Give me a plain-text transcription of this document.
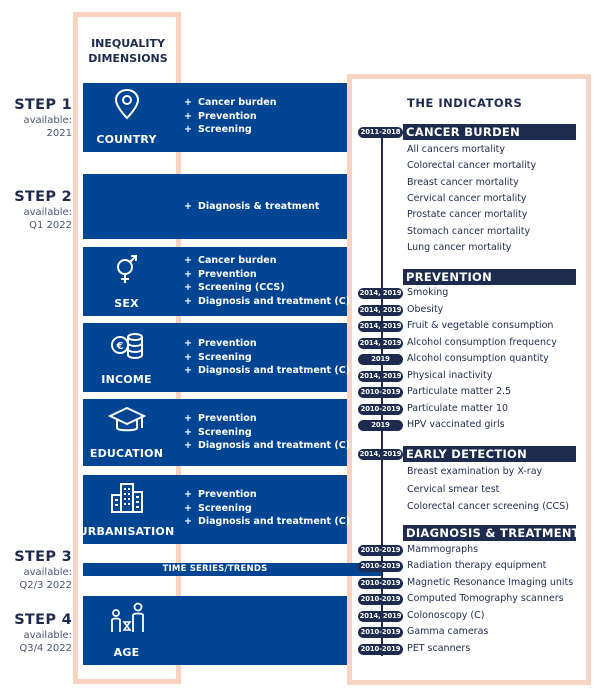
INEQUALITY
DIMENSIONS
STEP 1
available:
2021
STEP 2
available:
Q1 2022
STEP 3
available:
Q2/3 2022
STEP 4
available:
Q3/4 2022
COUNTRY
+ Cancer burden
+ Prevention
+ Screening
+ Diagnosis & treatment
SEX
+ Cancer burden
+ Prevention
+ Screening (CCS)
+ Diagnosis and treatment (C)
€
INCOME
+ Prevention
+ Screening
+ Diagnosis and treatment (C)
EDUCATION
+ Prevention
+ Screening
+ Diagnosis and treatment (C)
URBANISATION
+ Prevention
+ Screening
+ Diagnosis and treatment (C)
TIME SERIES/TRENDS
AGE
THE INDICATORS
CANCER BURDEN
2011-2018
All cancers mortality
Colorectal cancer mortality
Breast cancer mortality
Cervical cancer mortality
Prostate cancer mortality
Stomach cancer mortality
Lung cancer mortality
PREVENTION
2014, 2019 Smoking
2014, 2019 Obesity
2014, 2019 Fruit & vegetable consumption
2014, 2019 Alcohol consumption frequency
2019	Alcohol consumption quantity
2014, 2019 Physical inactivity
2010-2019 Particulate matter 2.5
2010-2019 Particulate matter 10
2019	HPV vaccinated girls
EARLY DETECTION
2014, 2019
Breast examination by X-ray
Cervical smear test
Colorectal cancer screening (CCS)
DIAGNOSIS & TREATMENT
2010-2019 Mammographs
2010-2019 Radiation therapy equipment
2010-2019 Magnetic Resonance Imaging units
2010-2019 Computed Tomography scanners
2014, 2019 Colonoscopy (C)
2010-2019 Gamma cameras
2010-2019 PET scanners
